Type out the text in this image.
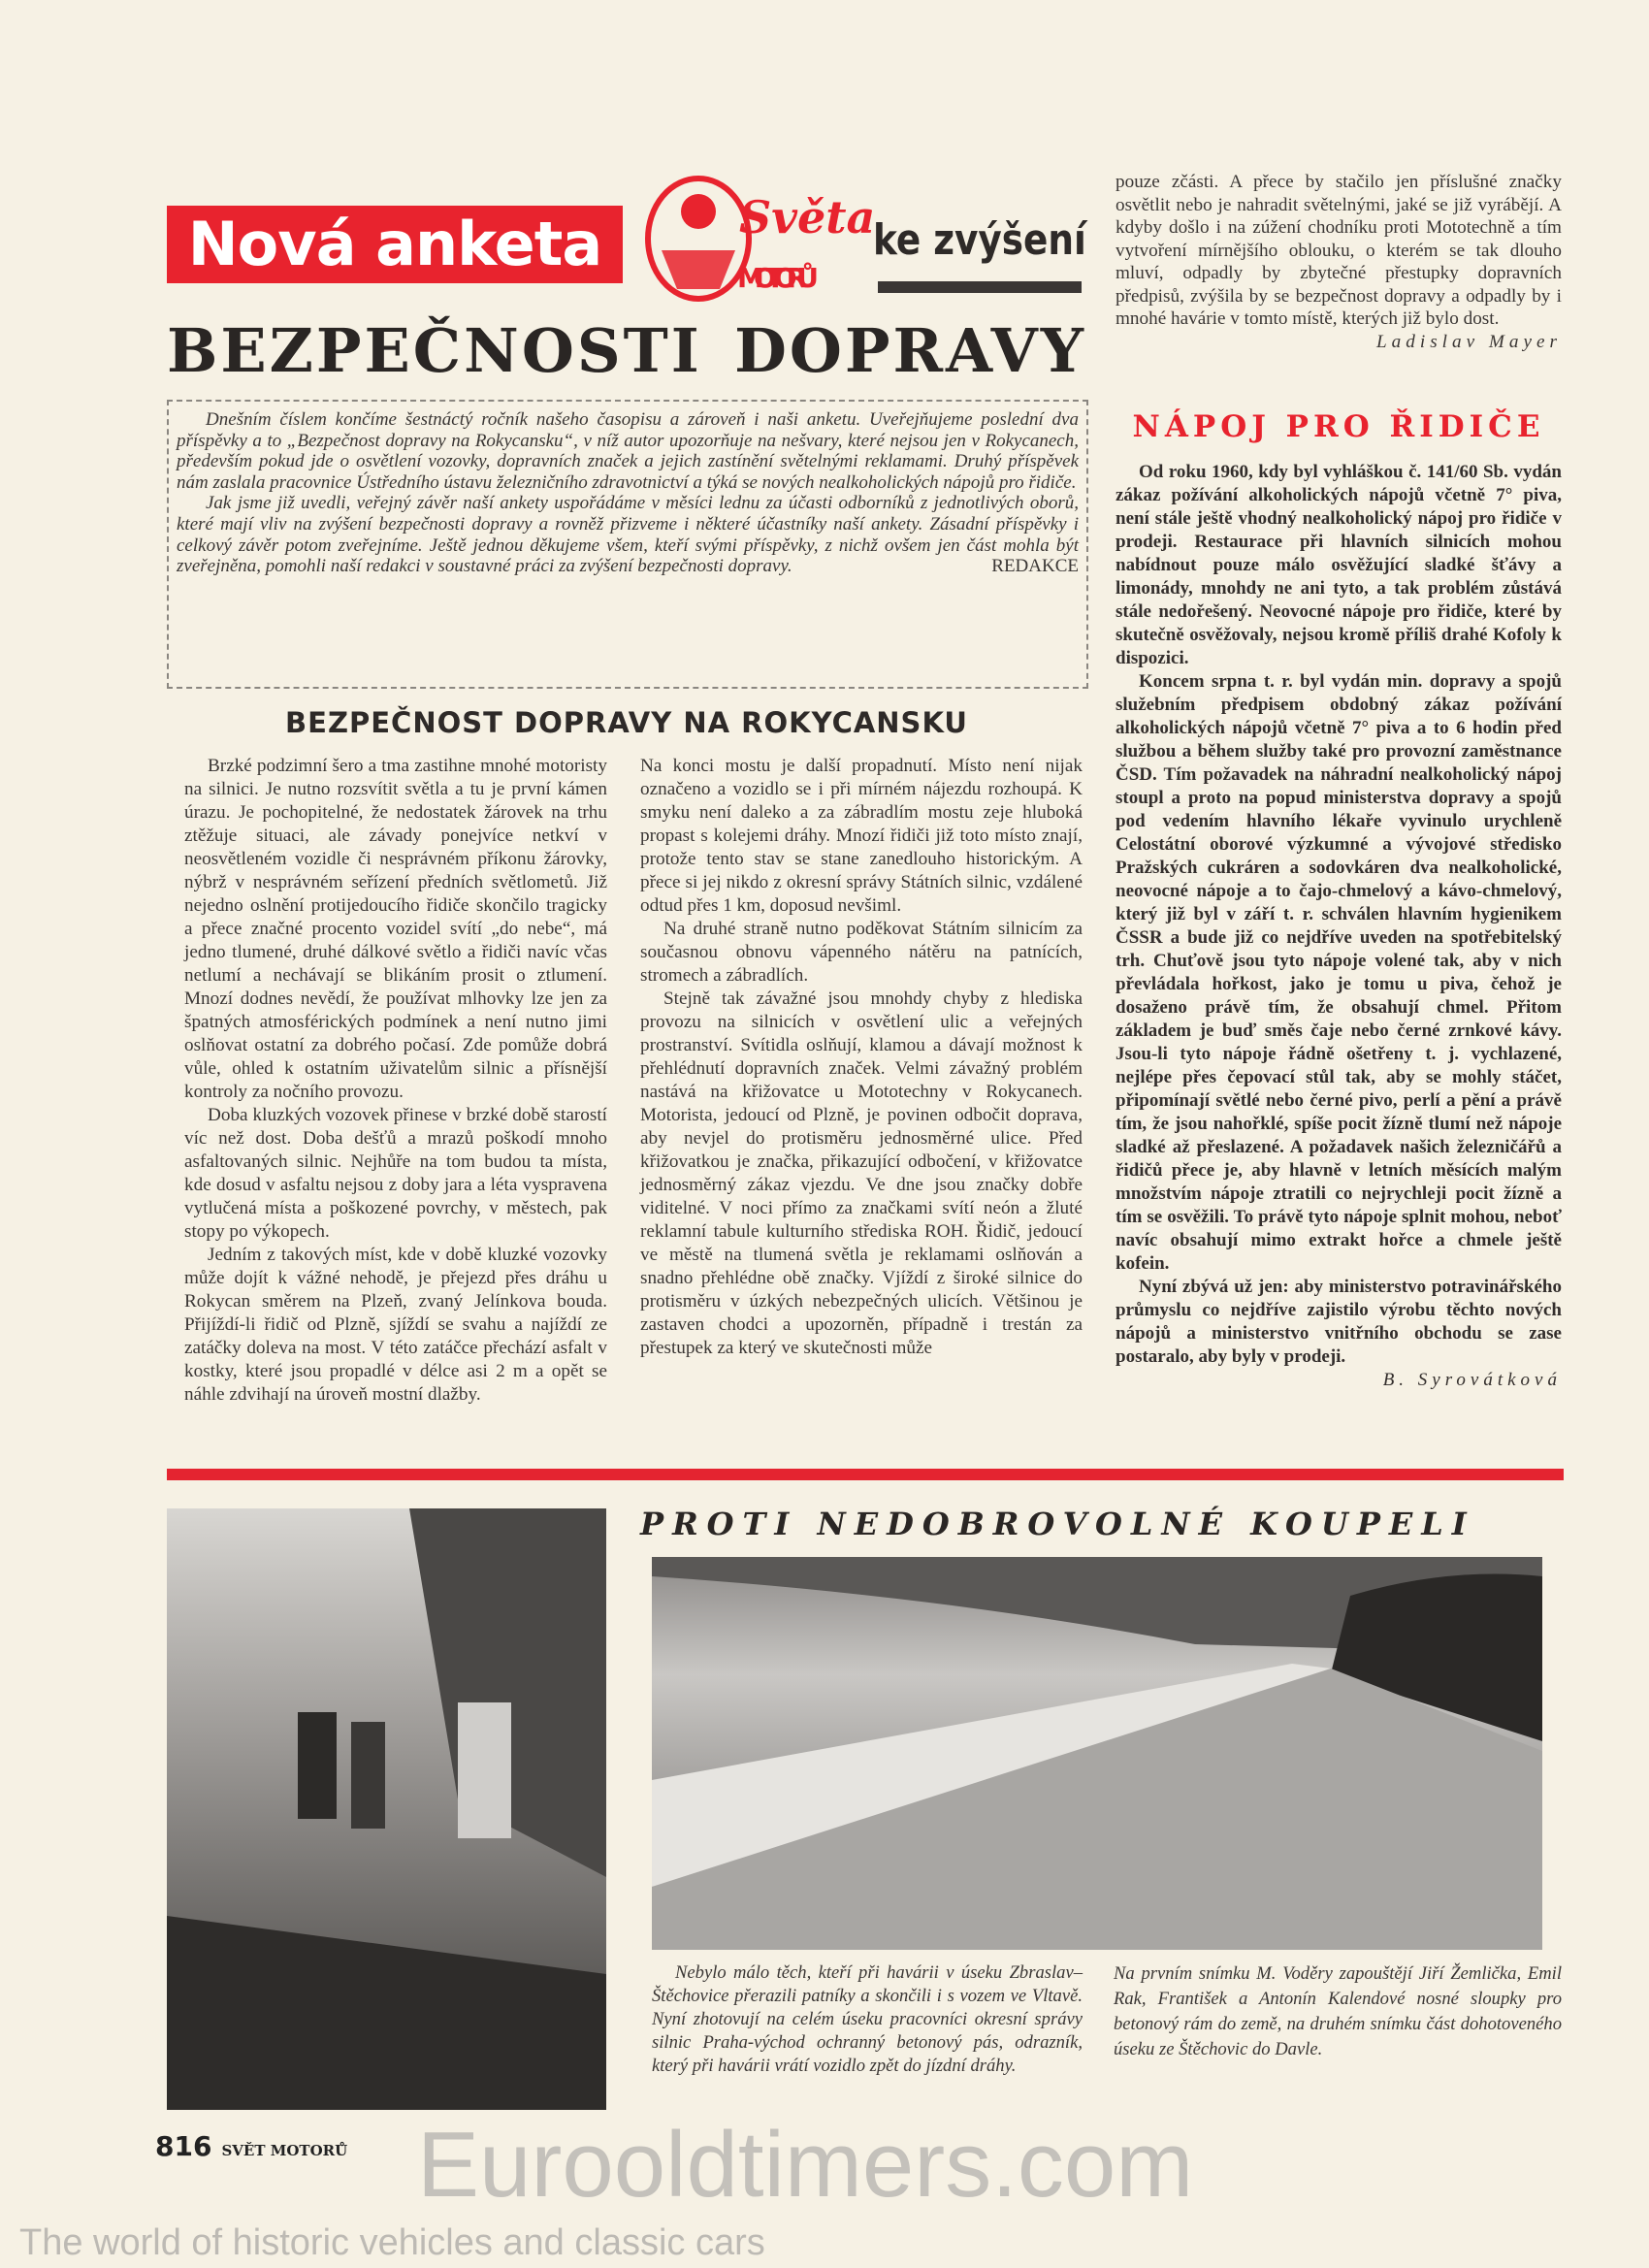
Nová anketa	Světa
MOTORŮ
ke zvýšení
BEZPEČNOSTI DOPRAVY

Dnešním číslem končíme šestnáctý ročník našeho časopisu a zároveň i naši anketu. Uveřejňujeme poslední dva příspěvky a to „Bezpečnost dopravy na Rokycansku“, v níž autor upozorňuje na nešvary, které nejsou jen v Rokycanech, především pokud jde o osvětlení vozovky, dopravních značek a jejich zastínění světelnými reklamami. Druhý příspěvek nám zaslala pracovnice Ústředního ústavu železničního zdravotnictví a týká se nových nealkoholických nápojů pro řidiče.

Jak jsme již uvedli, veřejný závěr naší ankety uspořádáme v měsíci lednu za účasti odborníků z jednotlivých oborů, které mají vliv na zvýšení bezpečnosti dopravy a rovněž přizveme i některé účastníky naší ankety. Zásadní příspěvky i celkový závěr potom zveřejníme. Ještě jednou děkujeme všem, kteří svými příspěvky, z nichž ovšem jen část mohla být zveřejněna, pomohli naší redakci v soustavné práci za zvýšení bezpečnosti dopravy.	REDAKCE

pouze zčásti. A přece by stačilo jen příslušné značky osvětlit nebo je nahradit světelnými, jaké se již vyrábějí. A kdyby došlo i na zúžení chodníku proti Mototechně a tím vytvoření mírnějšího oblouku, o kterém se tak dlouho mluví, odpadly by zbytečné přestupky dopravních předpisů, zvýšila by se bezpečnost dopravy a odpadly by i mnohé havárie v tomto místě, kterých již bylo dost.

Ladislav Mayer
NÁPOJ PRO ŘIDIČE

Od roku 1960, kdy byl vyhláškou č. 141/60 Sb. vydán zákaz požívání alkoholických nápojů včetně 7° piva, není stále ještě vhodný nealkoholický nápoj pro řidiče v prodeji. Restaurace při hlavních silnicích mohou nabídnout pouze málo osvěžující sladké šťávy a limonády, mnohdy ne ani tyto, a tak problém zůstává stále nedořešený. Neovocné nápoje pro řidiče, které by skutečně osvěžovaly, nejsou kromě příliš drahé Kofoly k dispozici.

Koncem srpna t. r. byl vydán min. dopravy a spojů služebním předpisem obdobný zákaz požívání alkoholických nápojů včetně 7° piva a to 6 hodin před službou a během služby také pro provozní zaměstnance ČSD. Tím požavadek na náhradní nealkoholický nápoj stoupl a proto na popud ministerstva dopravy a spojů pod vedením hlavního lékaře vyvinulo urychleně Celostátní oborové výzkumné a vývojové středisko Pražských cukráren a sodovkáren dva nealkoholické, neovocné nápoje a to čajo-chmelový a kávo-chmelový, který již byl v září t. r. schválen hlavním hygienikem ČSSR a bude již co nejdříve uveden na spotřebitelský trh. Chuťově jsou tyto nápoje volené tak, aby v nich převládala hořkost, jako je tomu u piva, čehož je dosaženo právě tím, že obsahují chmel. Přitom základem je buď směs čaje nebo černé zrnkové kávy. Jsou-li tyto nápoje řádně ošetřeny t. j. vychlazené, nejlépe přes čepovací stůl tak, aby se mohly stáčet, připomínají světlé nebo černé pivo, perlí a pění a právě tím, že jsou nahořklé, spíše pocit žízně tlumí než nápoje sladké až přeslazené. A požadavek našich železničářů a řidičů přece je, aby hlavně v letních měsících malým množstvím nápoje ztratili co nejrychleji pocit žízně a tím se osvěžili. To právě tyto nápoje splnit mohou, neboť navíc obsahují mimo extrakt hořce a chmele ještě kofein.

Nyní zbývá už jen: aby ministerstvo potravinářského průmyslu co nejdříve zajistilo výrobu těchto nových nápojů a ministerstvo vnitřního obchodu se zase postaralo, aby byly v prodeji.

B. Syrovátková
BEZPEČNOST DOPRAVY NA ROKYCANSKU

Brzké podzimní šero a tma zastihne mnohé motoristy na silnici. Je nutno rozsvítit světla a tu je první kámen úrazu. Je pochopitelné, že nedostatek žárovek na trhu ztěžuje situaci, ale závady ponejvíce netkví v neosvětleném vozidle či nesprávném příkonu žárovky, nýbrž v nesprávném seřízení předních světlometů. Již nejedno oslnění protijedoucího řidiče skončilo tragicky a přece značné procento vozidel svítí „do nebe“, má jedno tlumené, druhé dálkové světlo a řidiči navíc včas netlumí a nechávají se blikáním prosit o ztlumení. Mnozí dodnes nevědí, že používat mlhovky lze jen za špatných atmosférických podmínek a není nutno jimi oslňovat ostatní za dobrého počasí. Zde pomůže dobrá vůle, ohled k ostatním uživatelům silnic a přísnější kontroly za nočního provozu.

Doba kluzkých vozovek přinese v brzké době starostí víc než dost. Doba dešťů a mrazů poškodí mnoho asfaltovaných silnic. Nejhůře na tom budou ta místa, kde dosud v asfaltu nejsou z doby jara a léta vyspravena vytlučená místa a poškozené povrchy, v městech, pak stopy po výkopech.

Jedním z takových míst, kde v době kluzké vozovky může dojít k vážné nehodě, je přejezd přes dráhu u Rokycan směrem na Plzeň, zvaný Jelínkova bouda. Přijíždí-li řidič od Plzně, sjíždí se svahu a najíždí ze zatáčky doleva na most. V této zatáčce přechází asfalt v kostky, které jsou propadlé v délce asi 2 m a opět se náhle zdvihají na úroveň mostní dlažby.

Na konci mostu je další propadnutí. Místo není nijak označeno a vozidlo se i při mírném nájezdu rozhoupá. K smyku není daleko a za zábradlím mostu zeje hluboká propast s kolejemi dráhy. Mnozí řidiči již toto místo znají, protože tento stav se stane zanedlouho historickým. A přece si jej nikdo z okresní správy Státních silnic, vzdálené odtud přes 1 km, doposud nevšiml.

Na druhé straně nutno poděkovat Státním silnicím za současnou obnovu vápenného nátěru na patnících, stromech a zábradlích.

Stejně tak závažné jsou mnohdy chyby z hlediska provozu na silnicích v osvětlení ulic a veřejných prostranství. Svítidla oslňují, klamou a dávají možnost k přehlédnutí dopravních značek. Velmi závažný problém nastává na křižovatce u Mototechny v Rokycanech. Motorista, jedoucí od Plzně, je povinen odbočit doprava, aby nevjel do protisměru jednosměrné ulice. Před křižovatkou je značka, přikazující odbočení, v křižovatce jednosměrný zákaz vjezdu. Ve dne jsou značky dobře viditelné. V noci přímo za značkami svítí neón a žluté reklamní tabule kulturního střediska ROH. Řidič, jedoucí ve městě na tlumená světla je reklamami oslňován a snadno přehlédne obě značky. Vjíždí z široké silnice do protisměru v úzkých nebezpečných ulicích. Většinou je zastaven chodci a upozorněn, případně i trestán za přestupek za který ve skutečnosti může

PROTI NEDOBROVOLNÉ KOUPELI

Nebylo málo těch, kteří při havárii v úseku Zbraslav–Štěchovice přerazili patníky a skončili i s vozem ve Vltavě. Nyní zhotovují na celém úseku pracovníci okresní správy silnic Praha-východ ochranný betonový pás, odrazník, který při havárii vrátí vozidlo zpět do jízdní dráhy.

Na prvním snímku M. Voděry zapouštějí Jiří Žemlička, Emil Rak, František a Antonín Kalendové nosné sloupky pro betonový rám do země, na druhém snímku část dohotoveného úseku ze Štěchovic do Davle.

816 SVĚT MOTORŮ Eurooldtimers.com
The world of historic vehicles and classic cars
